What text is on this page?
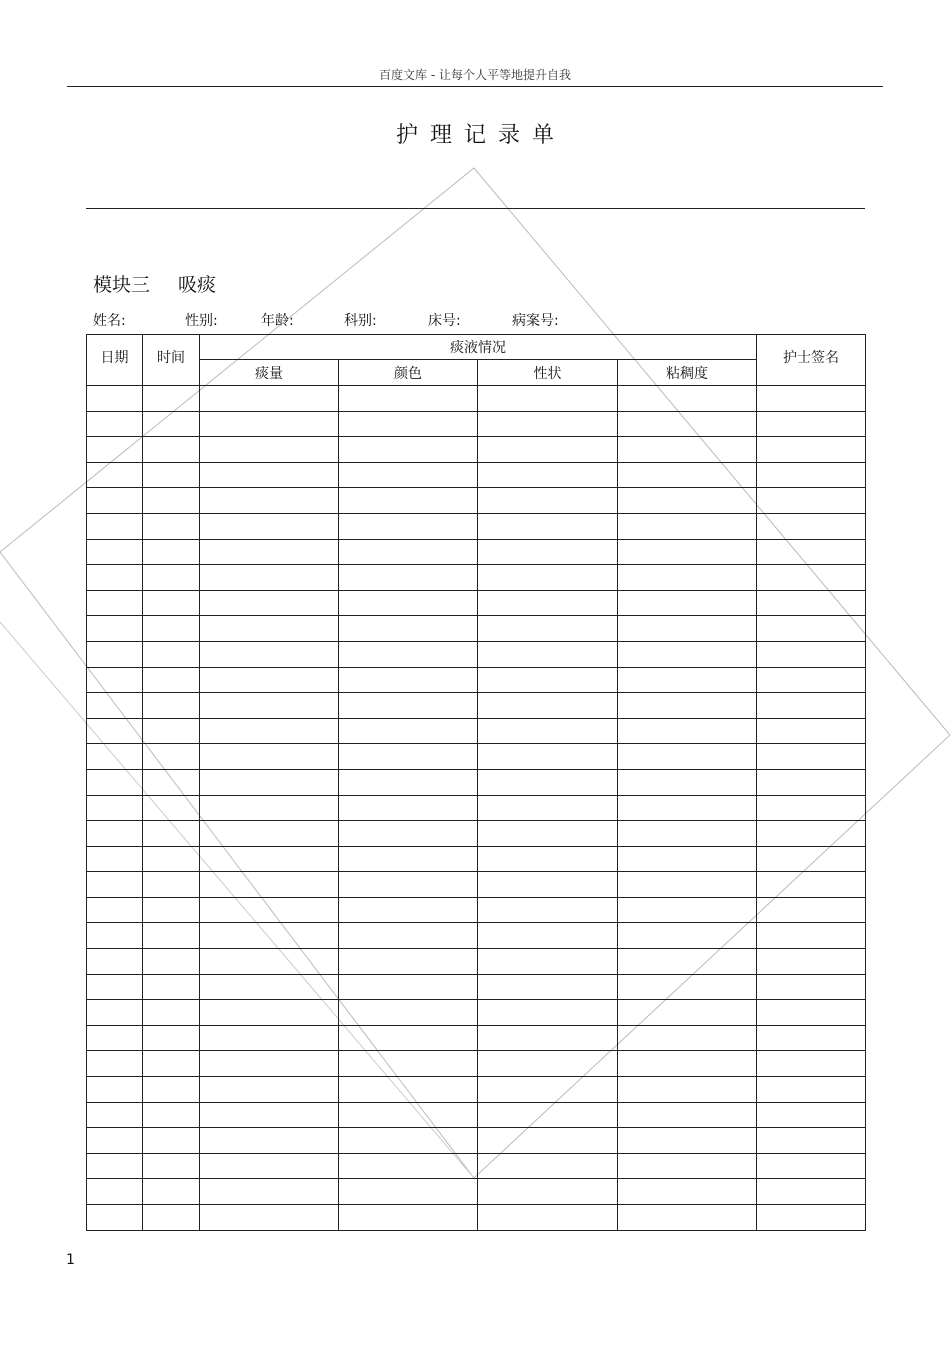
百度文库 - 让每个人平等地提升自我
护理记录单
模块三 吸痰
姓名:	性别:	年龄:	科别:	床号:	病案号:
日期	时间	痰液情况				护士签名
		痰量	颜色	性状	粘稠度	

1
